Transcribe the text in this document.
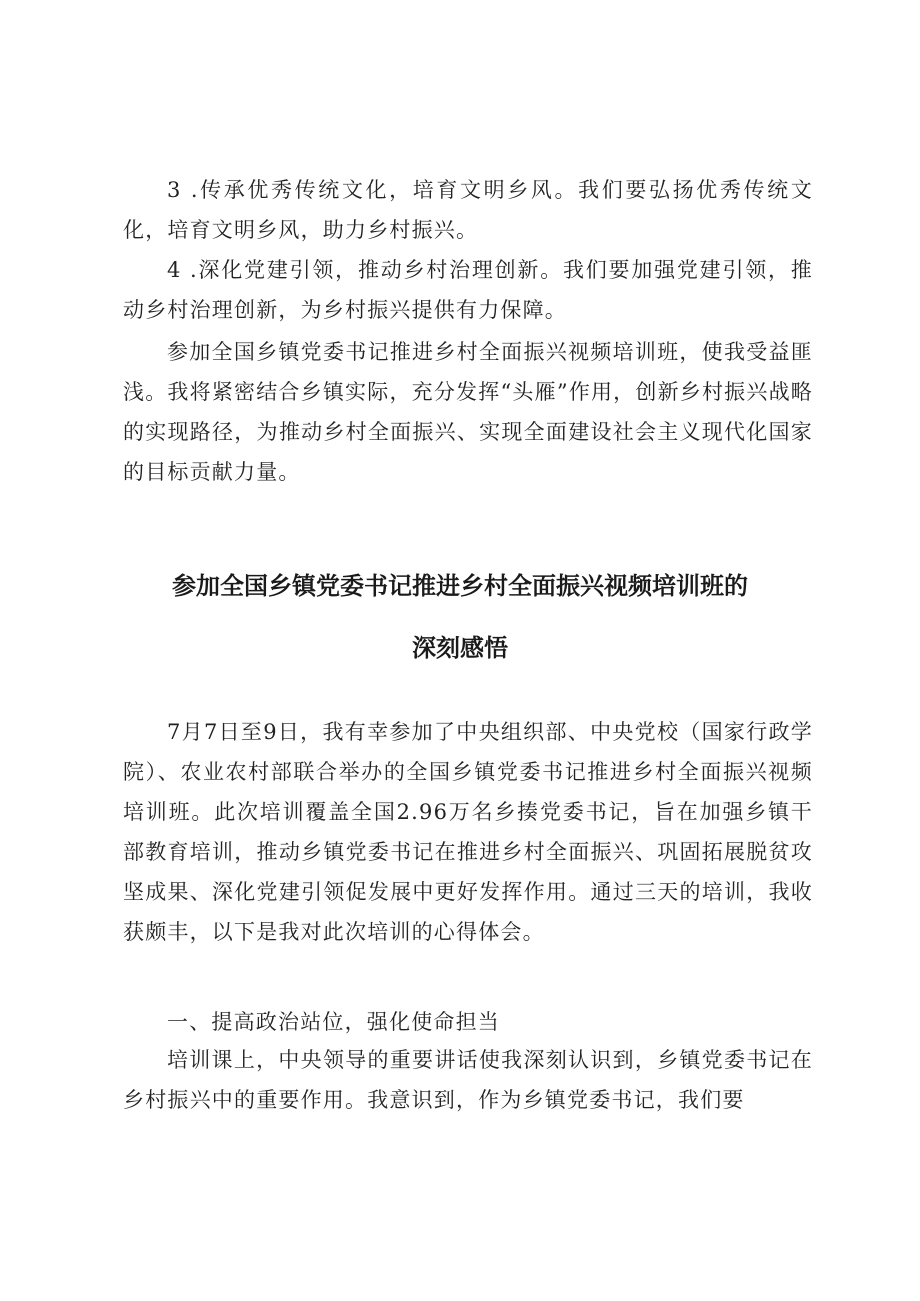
3 .传承优秀传统文化，培育文明乡风。我们要弘扬优秀传统文化，培育文明乡风，助力乡村振兴。

4 .深化党建引领，推动乡村治理创新。我们要加强党建引领，推动乡村治理创新，为乡村振兴提供有力保障。

参加全国乡镇党委书记推进乡村全面振兴视频培训班，使我受益匪浅。我将紧密结合乡镇实际，充分发挥“头雁”作用，创新乡村振兴战略的实现路径，为推动乡村全面振兴、实现全面建设社会主义现代化国家的目标贡献力量。

参加全国乡镇党委书记推进乡村全面振兴视频培训班的
深刻感悟

7月7日至9日，我有幸参加了中央组织部、中央党校（国家行政学院）、农业农村部联合举办的全国乡镇党委书记推进乡村全面振兴视频培训班。此次培训覆盖全国2.96万名乡揍党委书记，旨在加强乡镇干部教育培训，推动乡镇党委书记在推进乡村全面振兴、巩固拓展脱贫攻坚成果、深化党建引领促发展中更好发挥作用。通过三天的培训，我收获颇丰，以下是我对此次培训的心得体会。

一、提高政治站位，强化使命担当

培训课上，中央领导的重要讲话使我深刻认识到，乡镇党委书记在乡村振兴中的重要作用。我意识到，作为乡镇党委书记，我们要
